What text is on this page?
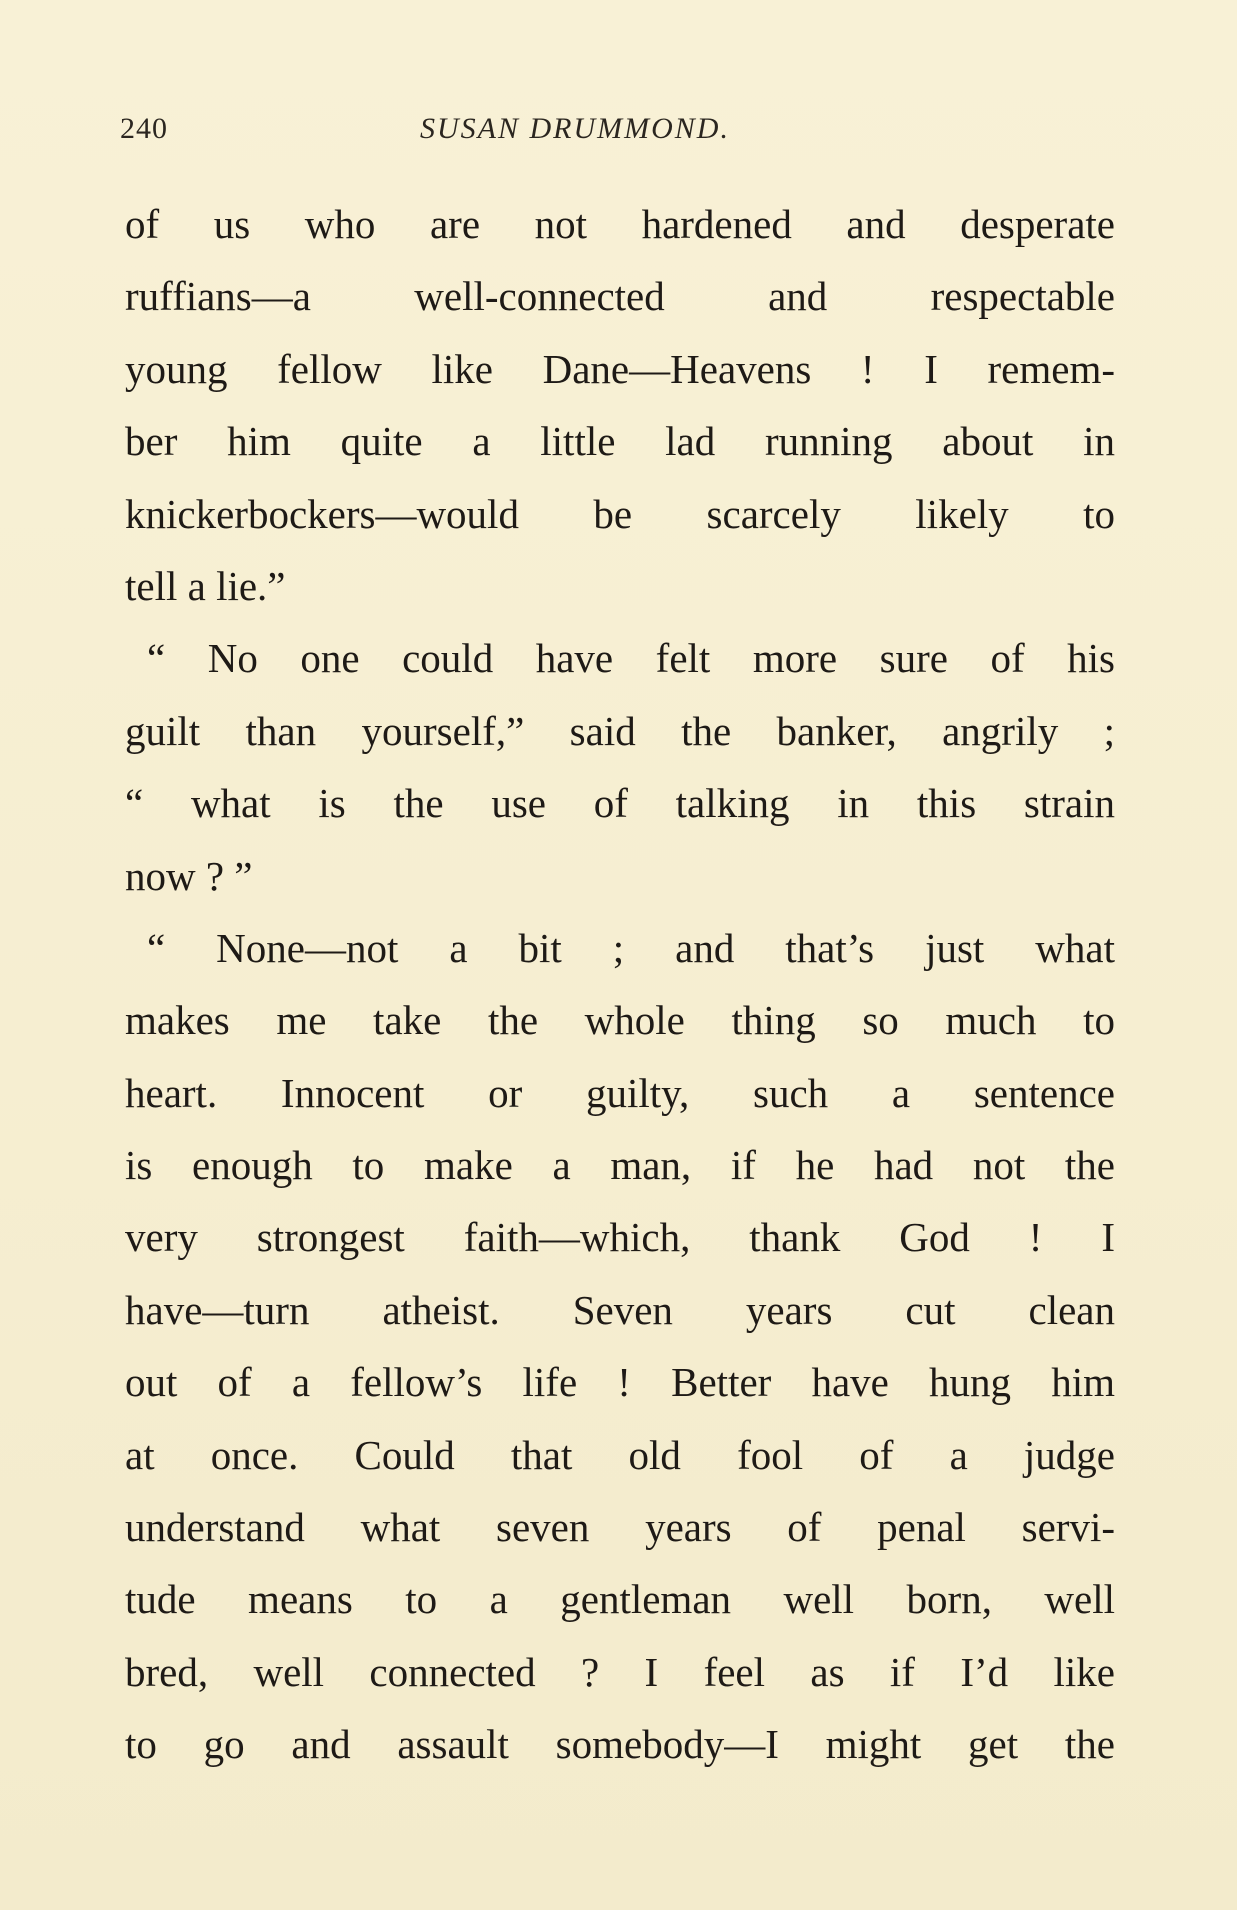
240	SUSAN DRUMMOND.
of us who are not hardened and desperate
ruffians—a well-connected and respectable
young fellow like Dane—Heavens ! I remem-
ber him quite a little lad running about in
knickerbockers—would be scarcely likely to
tell a lie.”
“ No one could have felt more sure of his
guilt than yourself,” said the banker, angrily ;
“ what is the use of talking in this strain
now ? ”
“ None—not a bit ; and that’s just what
makes me take the whole thing so much to
heart. Innocent or guilty, such a sentence
is enough to make a man, if he had not the
very strongest faith—which, thank God ! I
have—turn atheist. Seven years cut clean
out of a fellow’s life ! Better have hung him
at once. Could that old fool of a judge
understand what seven years of penal servi-
tude means to a gentleman well born, well
bred, well connected ? I feel as if I’d like
to go and assault somebody—I might get the
